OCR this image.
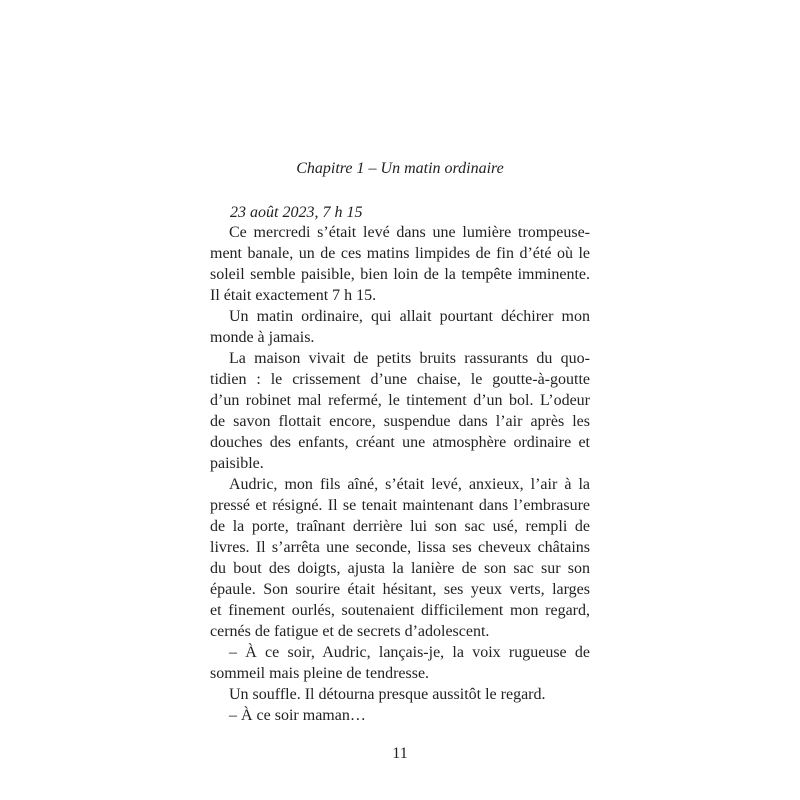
Chapitre 1 – Un matin ordinaire

23 août 2023, 7 h 15

Ce mercredi s’était levé dans une lumière trompeuse-
ment banale, un de ces matins limpides de fin d’été où le
soleil semble paisible, bien loin de la tempête imminente.
Il était exactement 7 h 15.
Un matin ordinaire, qui allait pourtant déchirer mon
monde à jamais.
La maison vivait de petits bruits rassurants du quo-
tidien : le crissement d’une chaise, le goutte-à-goutte
d’un robinet mal refermé, le tintement d’un bol. L’odeur
de savon flottait encore, suspendue dans l’air après les
douches des enfants, créant une atmosphère ordinaire et
paisible.
Audric, mon fils aîné, s’était levé, anxieux, l’air à la
pressé et résigné. Il se tenait maintenant dans l’embrasure
de la porte, traînant derrière lui son sac usé, rempli de
livres. Il s’arrêta une seconde, lissa ses cheveux châtains
du bout des doigts, ajusta la lanière de son sac sur son
épaule. Son sourire était hésitant, ses yeux verts, larges
et finement ourlés, soutenaient difficilement mon regard,
cernés de fatigue et de secrets d’adolescent.
– À ce soir, Audric, lançais-je, la voix rugueuse de
sommeil mais pleine de tendresse.
Un souffle. Il détourna presque aussitôt le regard.
– À ce soir maman…

11
